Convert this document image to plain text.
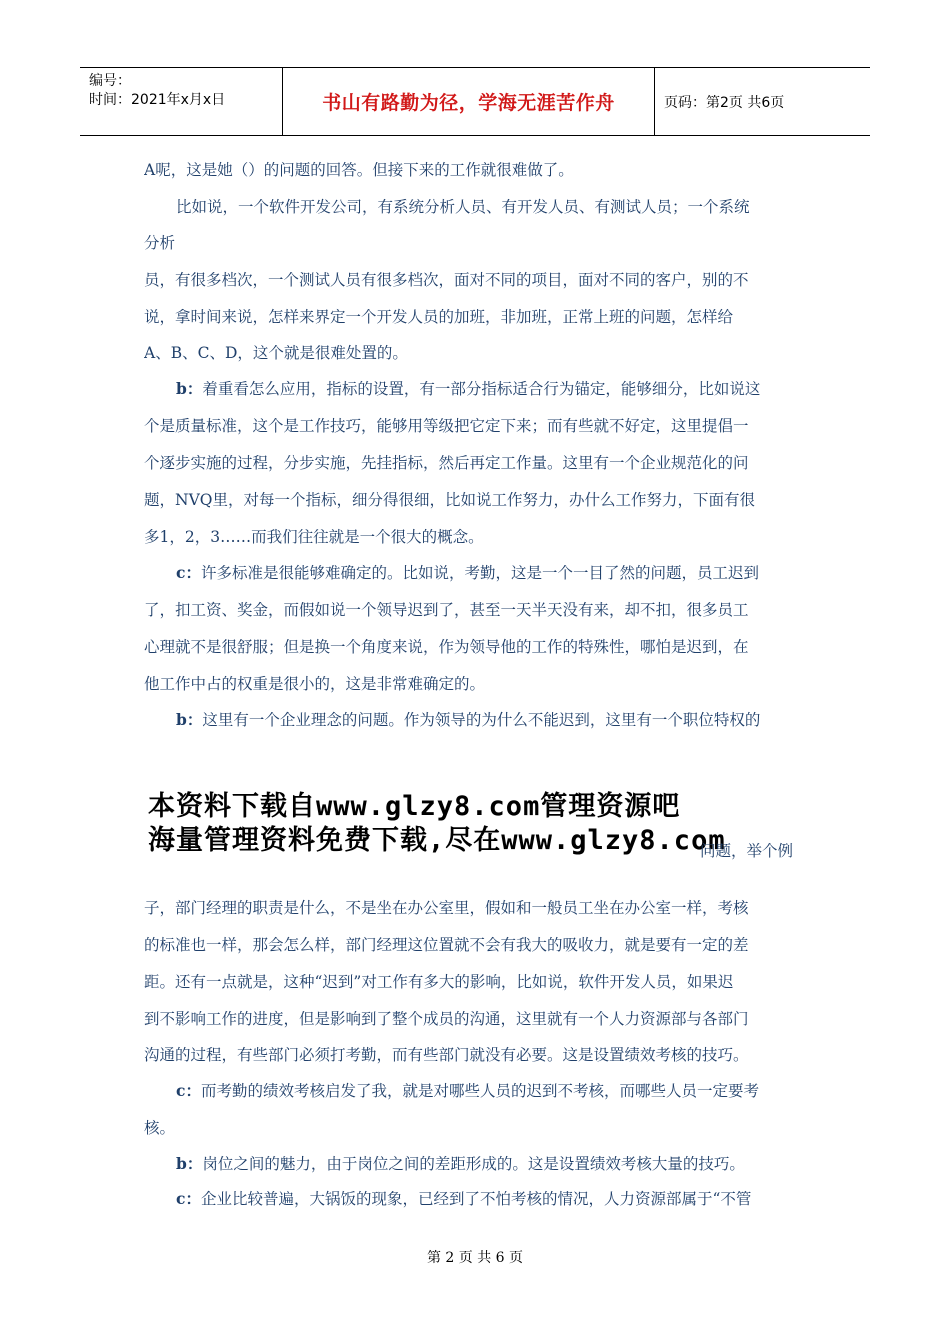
编号：
时间：2021年x月x日	书山有路勤为径，学海无涯苦作舟	页码：第2页 共6页
A呢，这是她（）的问题的回答。但接下来的工作就很难做了。
比如说，一个软件开发公司，有系统分析人员、有开发人员、有测试人员；一个系统
分析
员，有很多档次，一个测试人员有很多档次，面对不同的项目，面对不同的客户，别的不
说，拿时间来说，怎样来界定一个开发人员的加班，非加班，正常上班的问题，怎样给
A、B、C、D，这个就是很难处置的。
b：着重看怎么应用，指标的设置，有一部分指标适合行为锚定，能够细分，比如说这
个是质量标准，这个是工作技巧，能够用等级把它定下来；而有些就不好定，这里提倡一
个逐步实施的过程，分步实施，先挂指标，然后再定工作量。这里有一个企业规范化的问
题，NVQ里，对每一个指标，细分得很细，比如说工作努力，办什么工作努力，下面有很
多1，2，3……而我们往往就是一个很大的概念。
c：许多标准是很能够难确定的。比如说，考勤，这是一个一目了然的问题，员工迟到
了，扣工资、奖金，而假如说一个领导迟到了，甚至一天半天没有来，却不扣，很多员工
心理就不是很舒服；但是换一个角度来说，作为领导他的工作的特殊性，哪怕是迟到，在
他工作中占的权重是很小的，这是非常难确定的。
b：这里有一个企业理念的问题。作为领导的为什么不能迟到，这里有一个职位特权的
本资料下载自www.glzy8.com管理资源吧
海量管理资料免费下载,尽在www.glzy8.com
问题，举个例
子，部门经理的职责是什么，不是坐在办公室里，假如和一般员工坐在办公室一样，考核
的标准也一样，那会怎么样，部门经理这位置就不会有我大的吸收力，就是要有一定的差
距。还有一点就是，这种“迟到”对工作有多大的影响，比如说，软件开发人员，如果迟
到不影响工作的进度，但是影响到了整个成员的沟通，这里就有一个人力资源部与各部门
沟通的过程，有些部门必须打考勤，而有些部门就没有必要。这是设置绩效考核的技巧。
c：而考勤的绩效考核启发了我，就是对哪些人员的迟到不考核，而哪些人员一定要考
核。
b：岗位之间的魅力，由于岗位之间的差距形成的。这是设置绩效考核大量的技巧。
c：企业比较普遍，大锅饭的现象，已经到了不怕考核的情况，人力资源部属于“不管
第 2 页 共 6 页
